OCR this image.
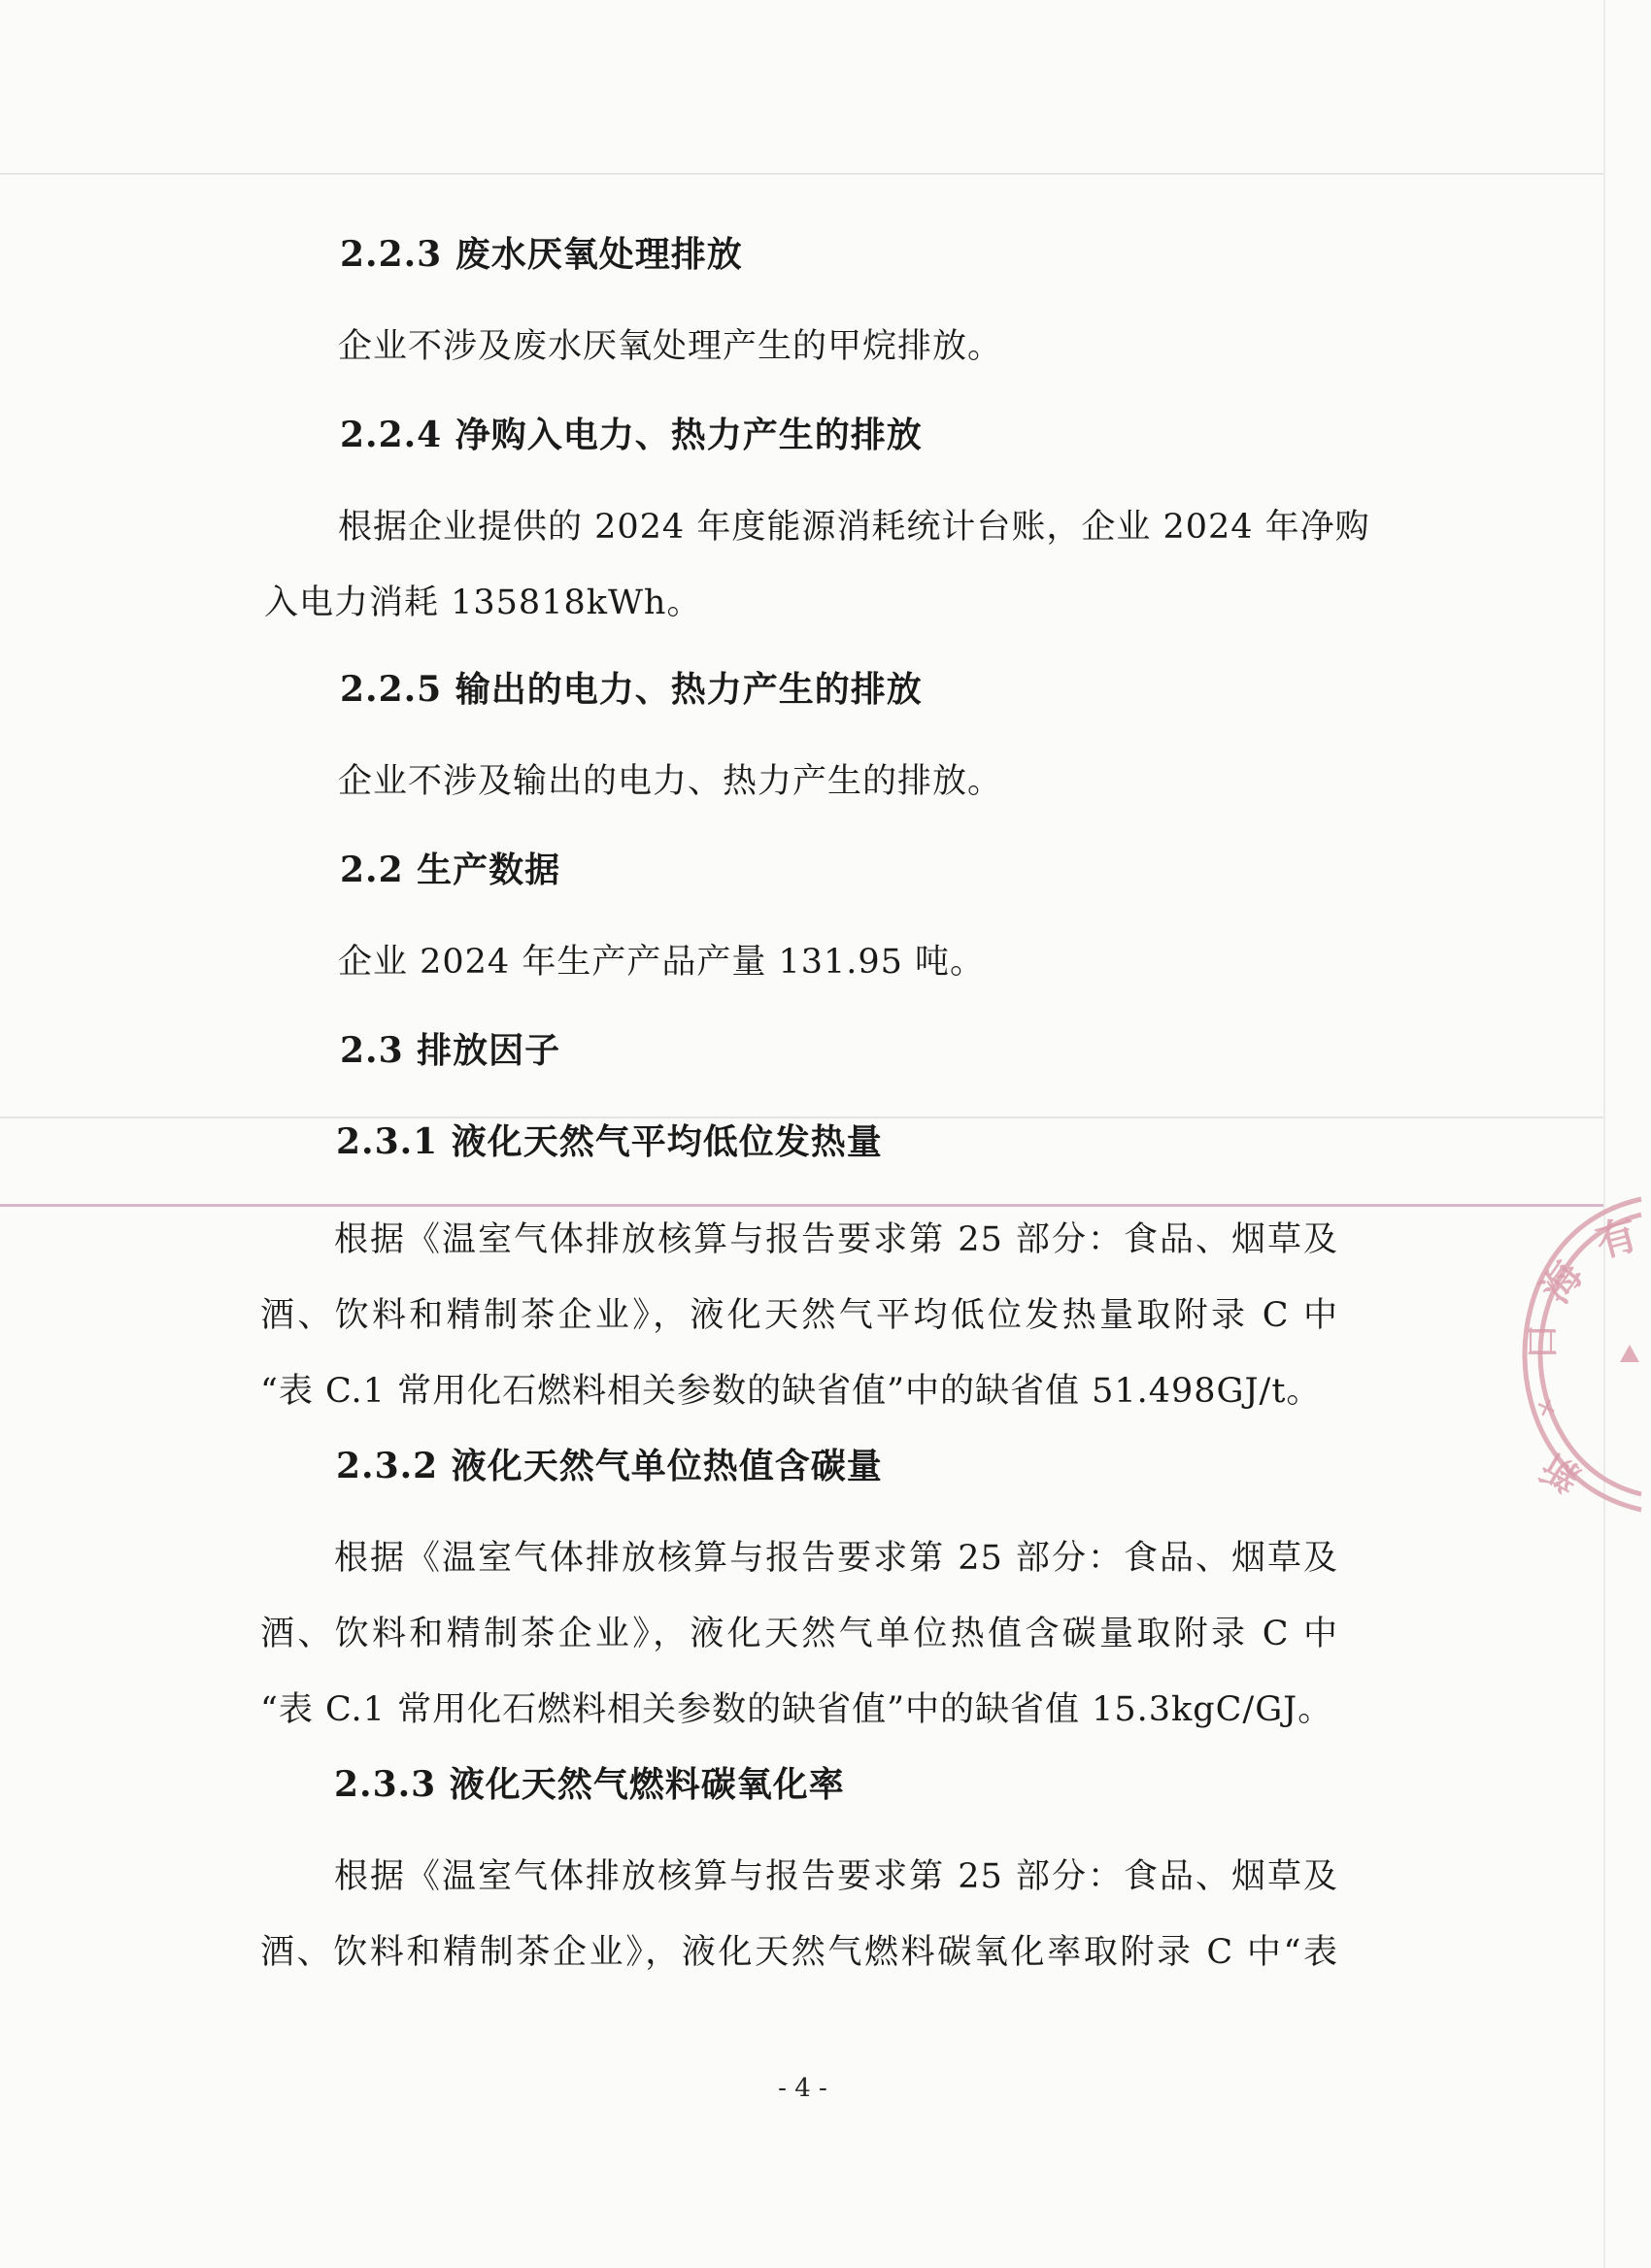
2.2.3 废水厌氧处理排放
企业不涉及废水厌氧处理产生的甲烷排放。
2.2.4 净购入电力、热力产生的排放
根据企业提供的 2024 年度能源消耗统计台账，企业 2024 年净购
入电力消耗 135818kWh。
2.2.5 输出的电力、热力产生的排放
企业不涉及输出的电力、热力产生的排放。
2.2 生产数据
企业 2024 年生产产品产量 131.95 吨。
2.3 排放因子
2.3.1 液化天然气平均低位发热量
根据《温室气体排放核算与报告要求第 25 部分：食品、烟草及
酒、饮料和精制茶企业》，液化天然气平均低位发热量取附录 C 中
“表 C.1 常用化石燃料相关参数的缺省值”中的缺省值 51.498GJ/t。
2.3.2 液化天然气单位热值含碳量
根据《温室气体排放核算与报告要求第 25 部分：食品、烟草及
酒、饮料和精制茶企业》，液化天然气单位热值含碳量取附录 C 中
“表 C.1 常用化石燃料相关参数的缺省值”中的缺省值 15.3kgC/GJ。
2.3.3 液化天然气燃料碳氧化率
根据《温室气体排放核算与报告要求第 25 部分：食品、烟草及
酒、饮料和精制茶企业》，液化天然气燃料碳氧化率取附录 C 中“表
有
海
口
×
新
- 4 -
